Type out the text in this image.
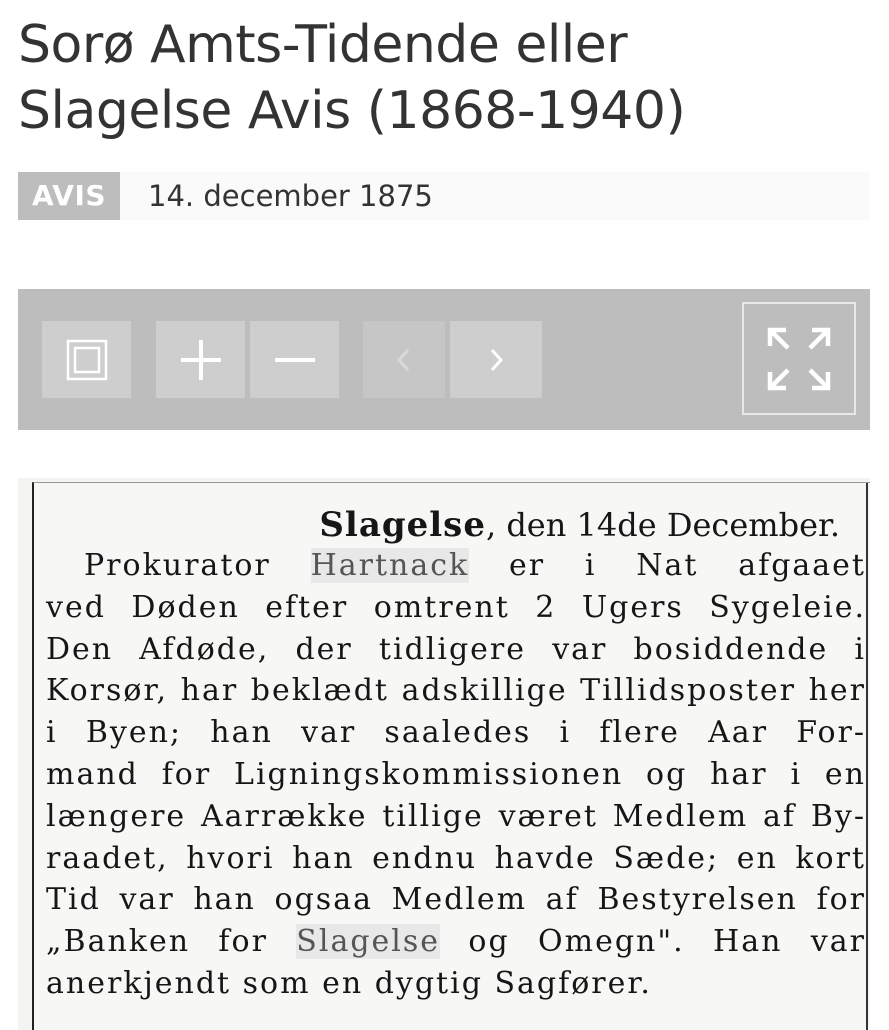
Sorø Amts-Tidende eller
Slagelse Avis (1868-1940)
AVIS	14. december 1875
Slagelse, den 14de December.
Prokurator Hartnack er i Nat afgaaet
ved Døden efter omtrent 2 Ugers Sygeleie.
Den Afdøde, der tidligere var bosiddende i
Korsør, har beklædt adskillige Tillidsposter her
i Byen; han var saaledes i flere Aar For-
mand for Ligningskommissionen og har i en
længere Aarrække tillige været Medlem af By-
raadet, hvori han endnu havde Sæde; en kort
Tid var han ogsaa Medlem af Bestyrelsen for
„Banken for Slagelse og Omegn". Han var
anerkjendt som en dygtig Sagfører.
